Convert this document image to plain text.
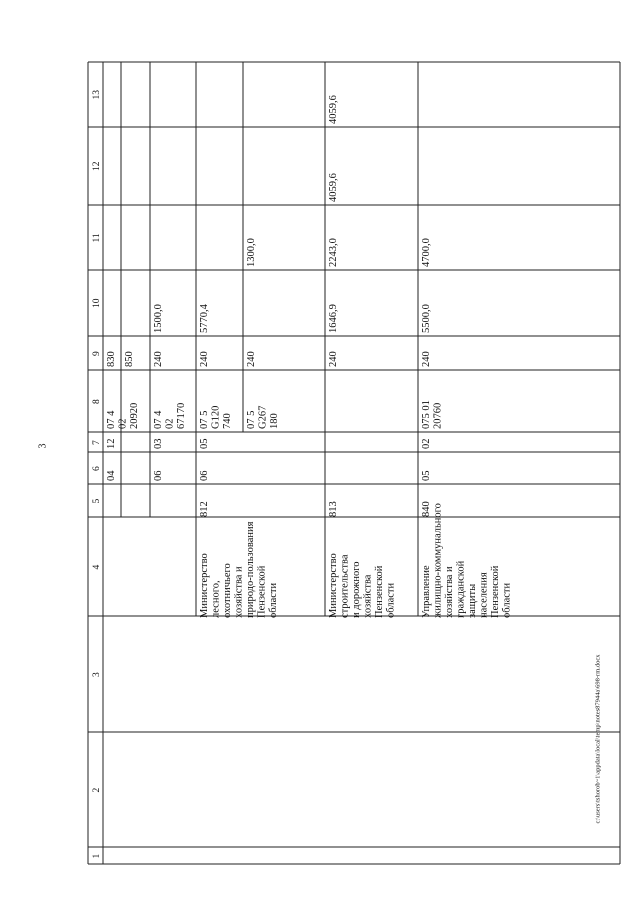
3
c:\users\tshorob~1\appdata\local\temp\notes87944a\698-rm.docx
1
2
3
4
5
6
7
8
9
10
11
12
13
04
12
07 40220920
830 850
06
03
07 40267170
240
1500,0
Министерстволесного,охотничьегохозяйства иприродо-пользованияПензенскойобласти
812
06
05
07 5G120740
240
5770,4
07 5G267180
240
1300,0
Министерствостроительстваи дорожногохозяйстваПензенскойобласти
813
240
1646,9
2243,0
4059,6
4059,6
Управлениежилищно-коммунальногохозяйства игражданскойзащитынаселенияПензенскойобласти
840
05
02
075 0120760
240
5500,0
4700,0
